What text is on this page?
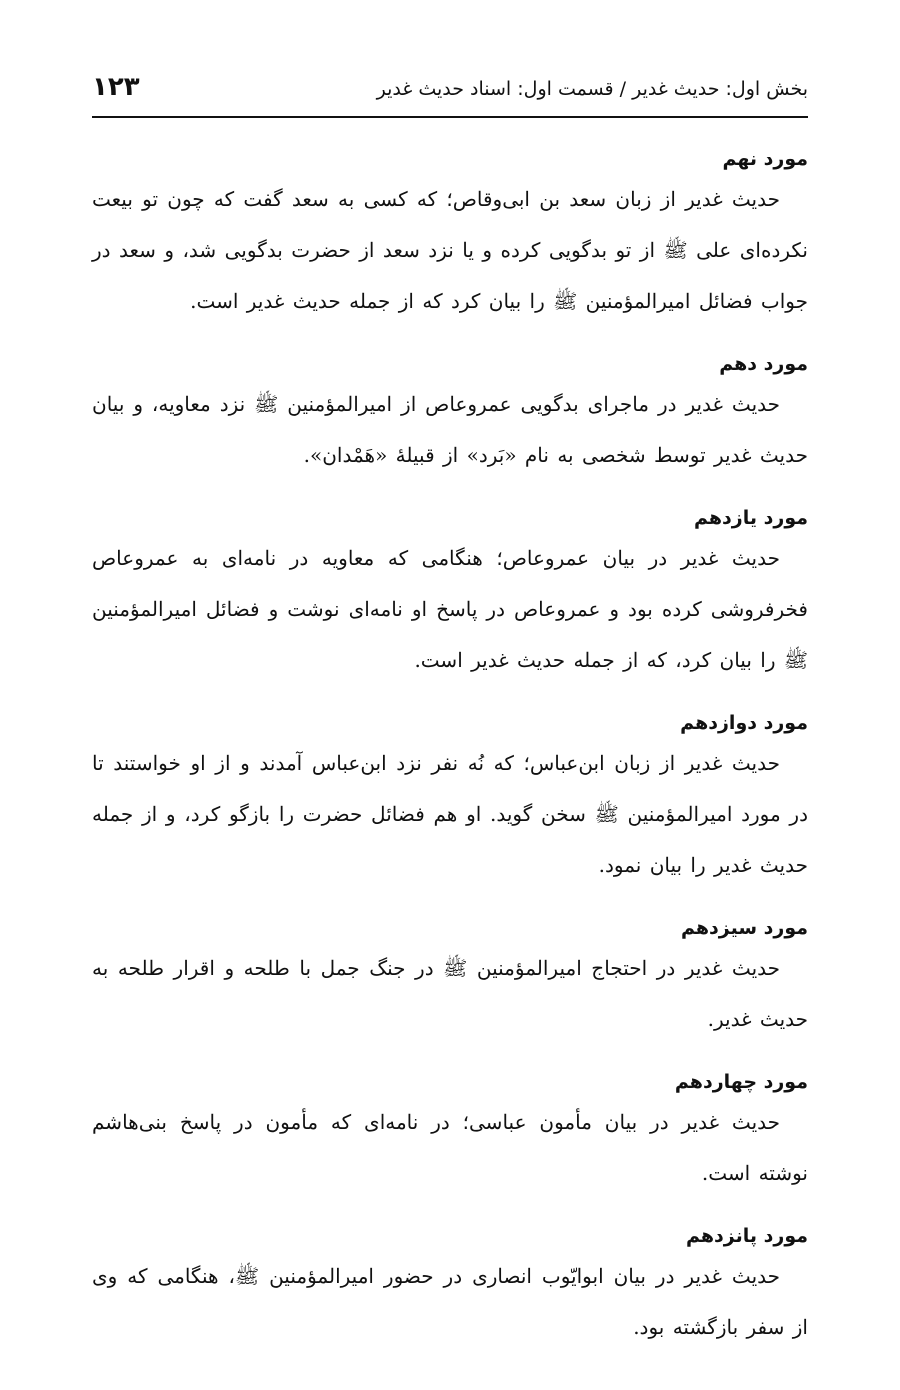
بخش اول: حدیث غدیر / قسمت اول: اسناد حدیث غدیر
۱۲۳
مورد نهم
حدیث غدیر از زبان سعد بن ابی‌وقاص؛ که کسی به سعد گفت که چون تو بیعت نکرده‌ای علی ﷺ از تو بدگویی کرده و یا نزد سعد از حضرت بدگویی شد، و سعد در جواب فضائل امیرالمؤمنین ﷺ را بیان کرد که از جمله حدیث غدیر است.
مورد دهم
حدیث غدیر در ماجرای بدگویی عمروعاص از امیرالمؤمنین ﷺ نزد معاویه، و بیان حدیث غدیر توسط شخصی به نام «بَرد» از قبیلهٔ «هَمْدان».
مورد یازدهم
حدیث غدیر در بیان عمروعاص؛ هنگامی که معاویه در نامه‌ای به عمروعاص فخرفروشی کرده بود و عمروعاص در پاسخ او نامه‌ای نوشت و فضائل امیرالمؤمنین ﷺ را بیان کرد، که از جمله حدیث غدیر است.
مورد دوازدهم
حدیث غدیر از زبان ابن‌عباس؛ که نُه نفر نزد ابن‌عباس آمدند و از او خواستند تا در مورد امیرالمؤمنین ﷺ سخن گوید. او هم فضائل حضرت را بازگو کرد، و از جمله حدیث غدیر را بیان نمود.
مورد سیزدهم
حدیث غدیر در احتجاج امیرالمؤمنین ﷺ در جنگ جمل با طلحه و اقرار طلحه به حدیث غدیر.
مورد چهاردهم
حدیث غدیر در بیان مأمون عباسی؛ در نامه‌ای که مأمون در پاسخ بنی‌هاشم نوشته است.
مورد پانزدهم
حدیث غدیر در بیان ابوایّوب انصاری در حضور امیرالمؤمنین ﷺ، هنگامی که وی از سفر بازگشته بود.
